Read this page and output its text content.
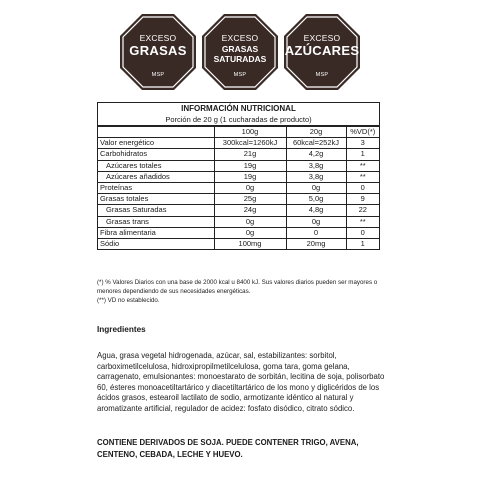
EXCESO
GRASAS
MSP
EXCESO
GRASAS SATURADAS
MSP
EXCESO
AZÚCARES
MSP
INFORMACIÓN NUTRICIONAL
Porción de 20 g (1 cucharadas de producto)
	100g	20g	%VD(*)
Valor energético	300kcal=1260kJ	60kcal=252kJ	3
Carbohidratos	21g	4,2g	1
Azúcares totales	19g	3,8g	**
Azúcares añadidos	19g	3,8g	**
Proteínas	0g	0g	0
Grasas totales	25g	5,0g	9
Grasas Saturadas	24g	4,8g	22
Grasas trans	0g	0g	**
Fibra alimentaria	0g	0	0
Sódio	100mg	20mg	1
(*) % Valores Diarios con una base de 2000 kcal u 8400 kJ. Sus valores diarios pueden ser mayores o menores dependiendo de sus necesidades energéticas.
(**) VD no establecido.
Ingredientes
Agua, grasa vegetal hidrogenada, azúcar, sal, estabilizantes: sorbitol, carboximetilcelulosa, hidroxipropilmetilcelulosa, goma tara, goma gelana, carragenato, emulsionantes: monoestarato de sorbitán, lecitina de soja, polisorbato 60, ésteres monoacetiltartárico y diacetiltartárico de los mono y diglicéridos de los ácidos grasos, estearoil lactilato de sodio, armotizante idéntico al natural y aromatizante artificial, regulador de acidez: fosfato disódico, citrato sódico.
CONTIENE DERIVADOS DE SOJA. PUEDE CONTENER TRIGO, AVENA, CENTENO, CEBADA, LECHE Y HUEVO.
